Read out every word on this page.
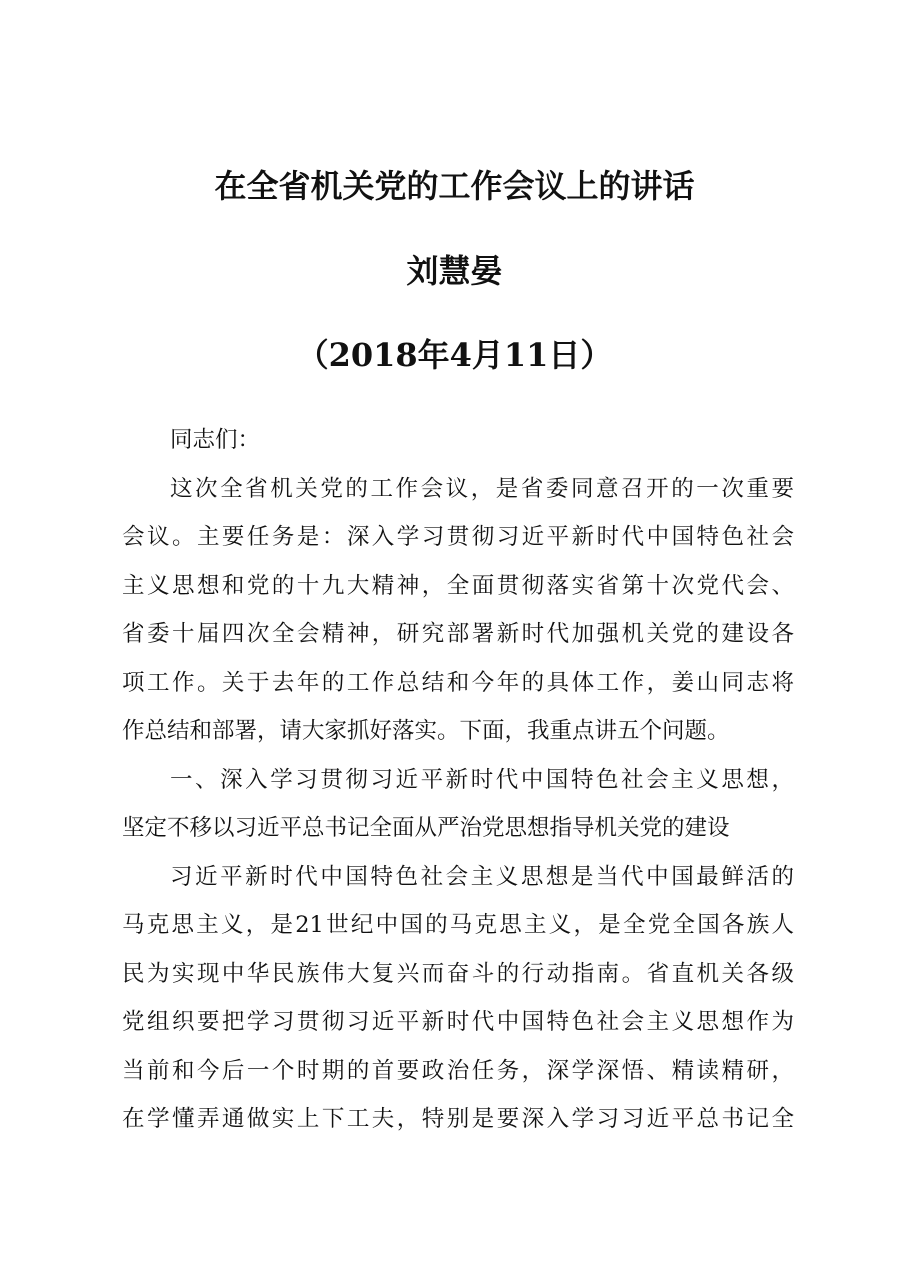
在全省机关党的工作会议上的讲话
刘慧晏
（2018年4月11日）
同志们：
这次全省机关党的工作会议，是省委同意召开的一次重要
会议。主要任务是：深入学习贯彻习近平新时代中国特色社会
主义思想和党的十九大精神，全面贯彻落实省第十次党代会、
省委十届四次全会精神，研究部署新时代加强机关党的建设各
项工作。关于去年的工作总结和今年的具体工作，姜山同志将
作总结和部署，请大家抓好落实。下面，我重点讲五个问题。
一、深入学习贯彻习近平新时代中国特色社会主义思想，
坚定不移以习近平总书记全面从严治党思想指导机关党的建设
习近平新时代中国特色社会主义思想是当代中国最鲜活的
马克思主义，是21世纪中国的马克思主义，是全党全国各族人
民为实现中华民族伟大复兴而奋斗的行动指南。省直机关各级
党组织要把学习贯彻习近平新时代中国特色社会主义思想作为
当前和今后一个时期的首要政治任务，深学深悟、精读精研，
在学懂弄通做实上下工夫，特别是要深入学习习近平总书记全
